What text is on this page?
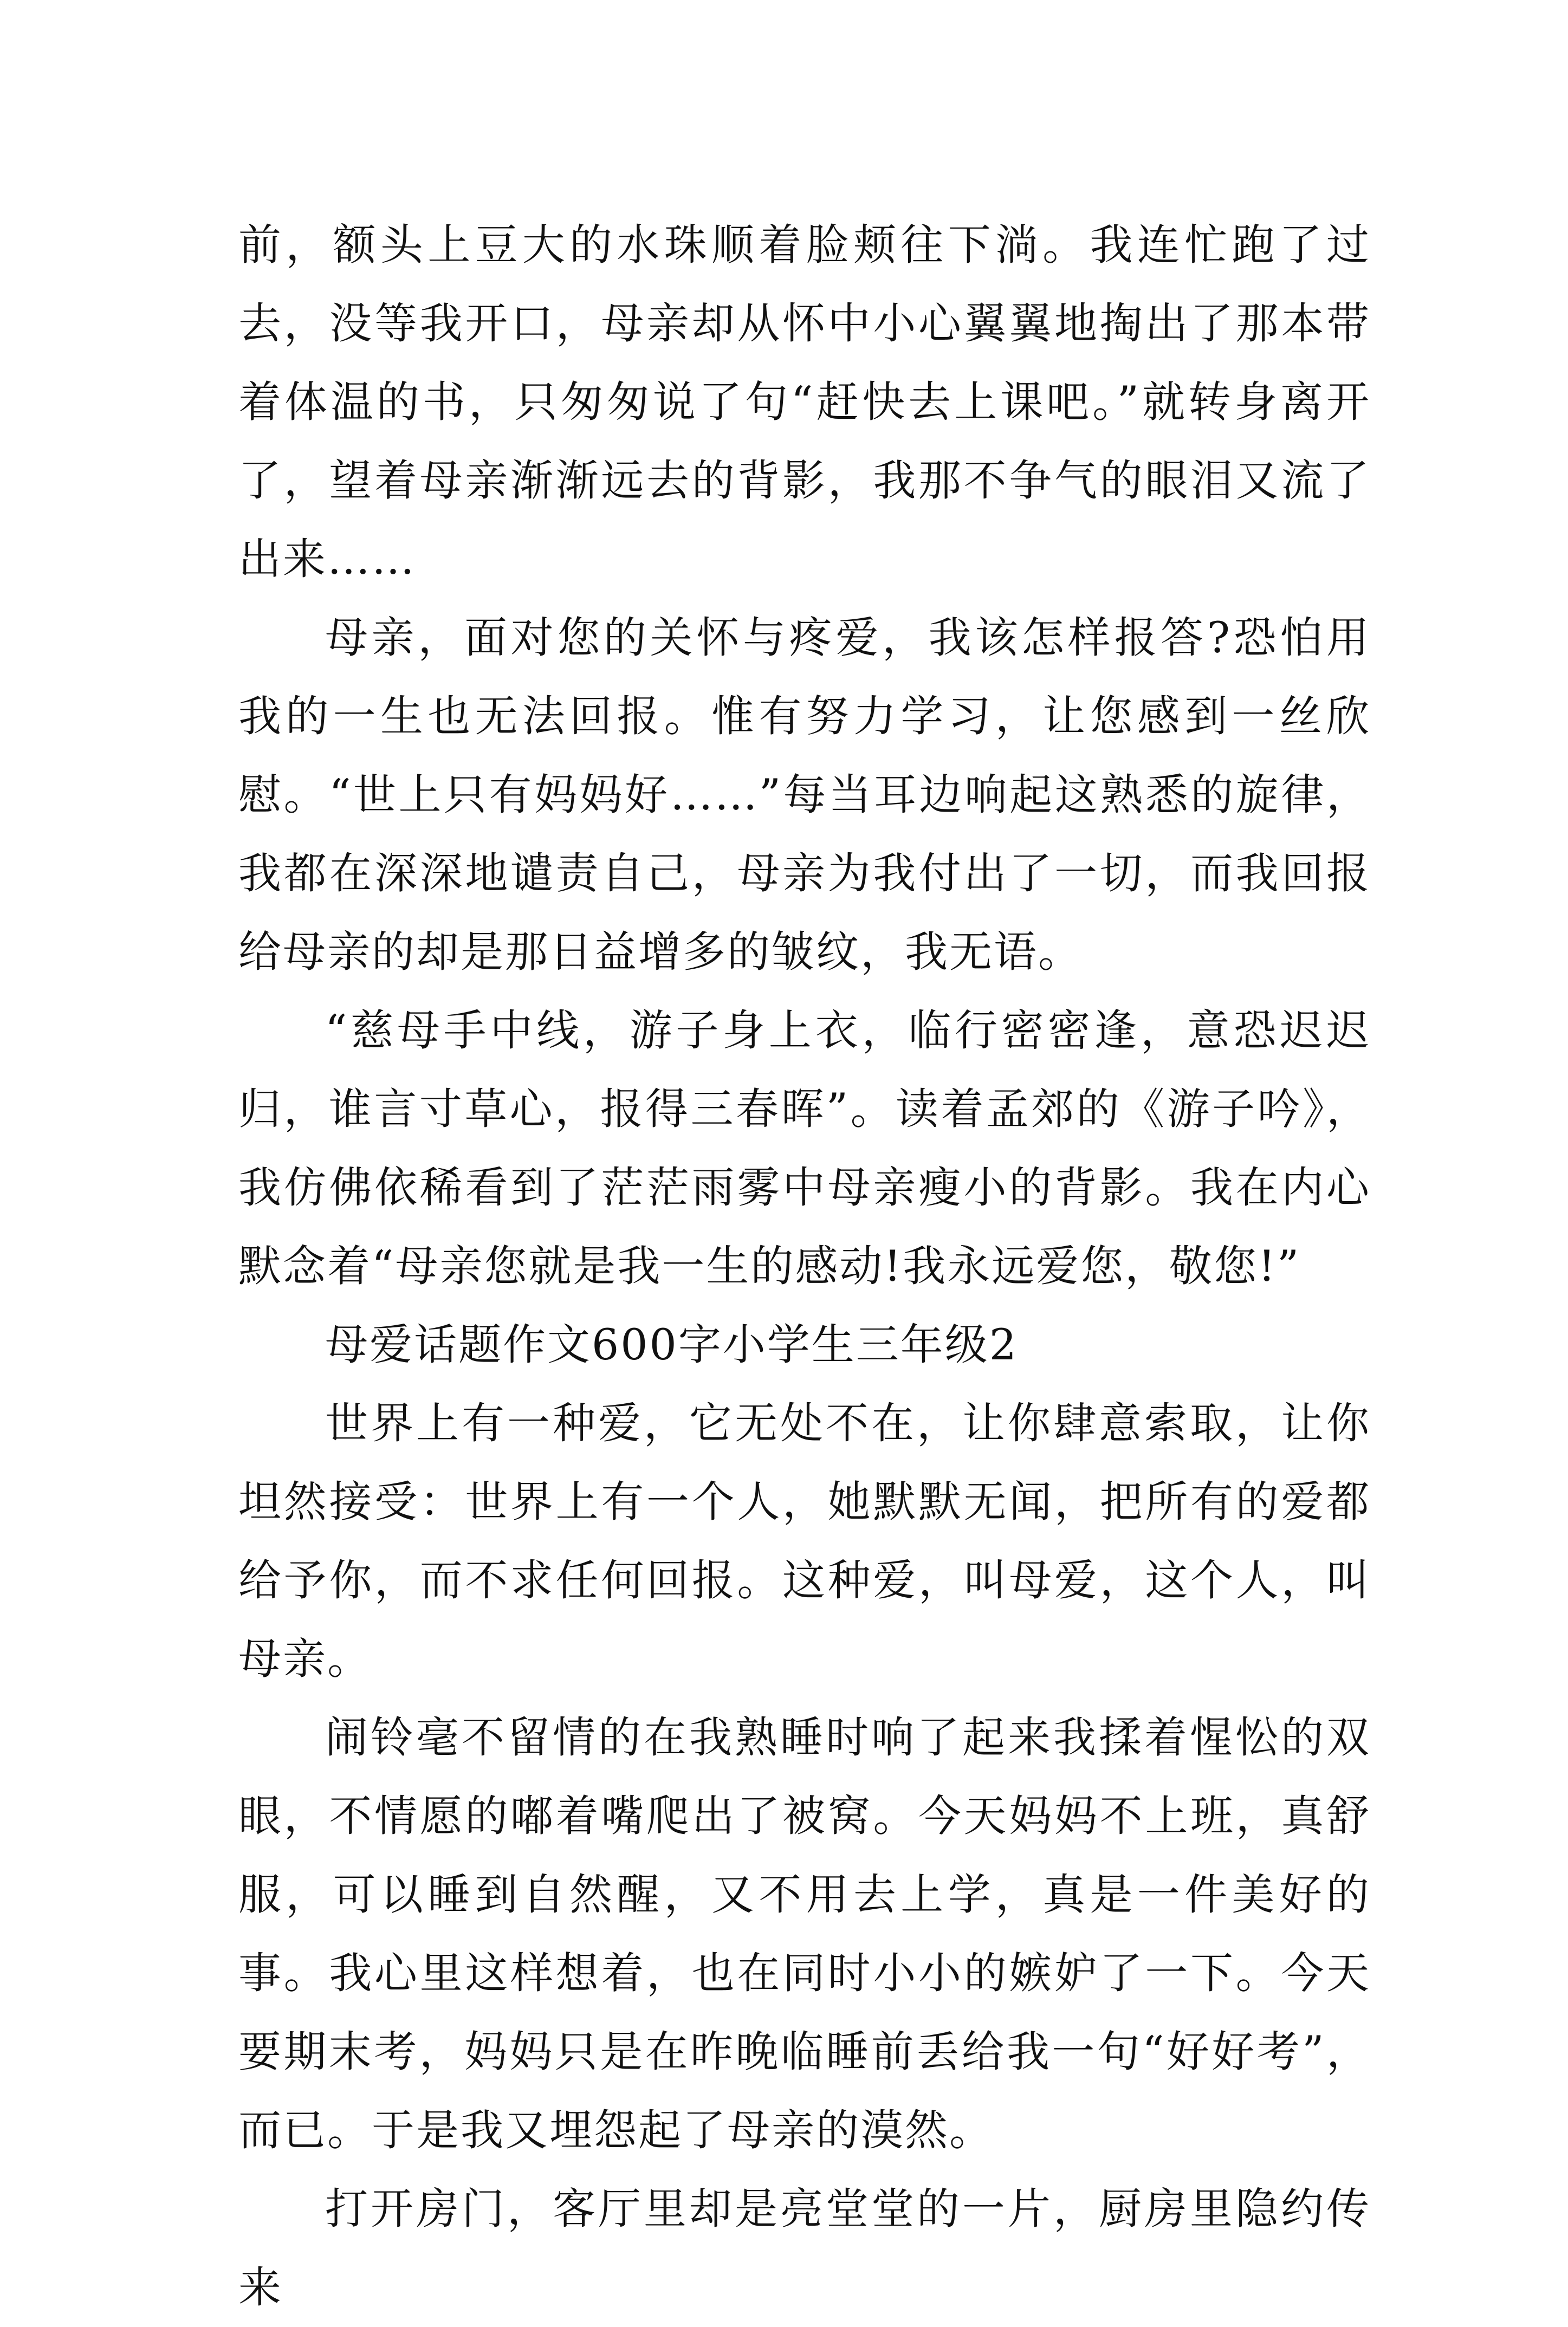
前，额头上豆大的水珠顺着脸颊往下淌。我连忙跑了过去，没等我开口，母亲却从怀中小心翼翼地掏出了那本带着体温的书，只匆匆说了句“赶快去上课吧。”就转身离开了，望着母亲渐渐远去的背影，我那不争气的眼泪又流了出来……

母亲，面对您的关怀与疼爱，我该怎样报答?恐怕用我的一生也无法回报。惟有努力学习，让您感到一丝欣慰。“世上只有妈妈好……”每当耳边响起这熟悉的旋律，我都在深深地谴责自己，母亲为我付出了一切，而我回报给母亲的却是那日益增多的皱纹，我无语。

“慈母手中线，游子身上衣，临行密密逢，意恐迟迟归，谁言寸草心，报得三春晖”。读着孟郊的《游子吟》，我仿佛依稀看到了茫茫雨雾中母亲瘦小的背影。我在内心默念着“母亲您就是我一生的感动!我永远爱您，敬您!”

母爱话题作文600字小学生三年级2

世界上有一种爱，它无处不在，让你肆意索取，让你坦然接受：世界上有一个人，她默默无闻，把所有的爱都给予你，而不求任何回报。这种爱，叫母爱，这个人，叫母亲。

闹铃毫不留情的在我熟睡时响了起来我揉着惺忪的双眼，不情愿的嘟着嘴爬出了被窝。今天妈妈不上班，真舒服，可以睡到自然醒，又不用去上学，真是一件美好的事。我心里这样想着，也在同时小小的嫉妒了一下。今天要期末考，妈妈只是在昨晚临睡前丢给我一句“好好考”，而已。于是我又埋怨起了母亲的漠然。

打开房门，客厅里却是亮堂堂的一片，厨房里隐约传来
